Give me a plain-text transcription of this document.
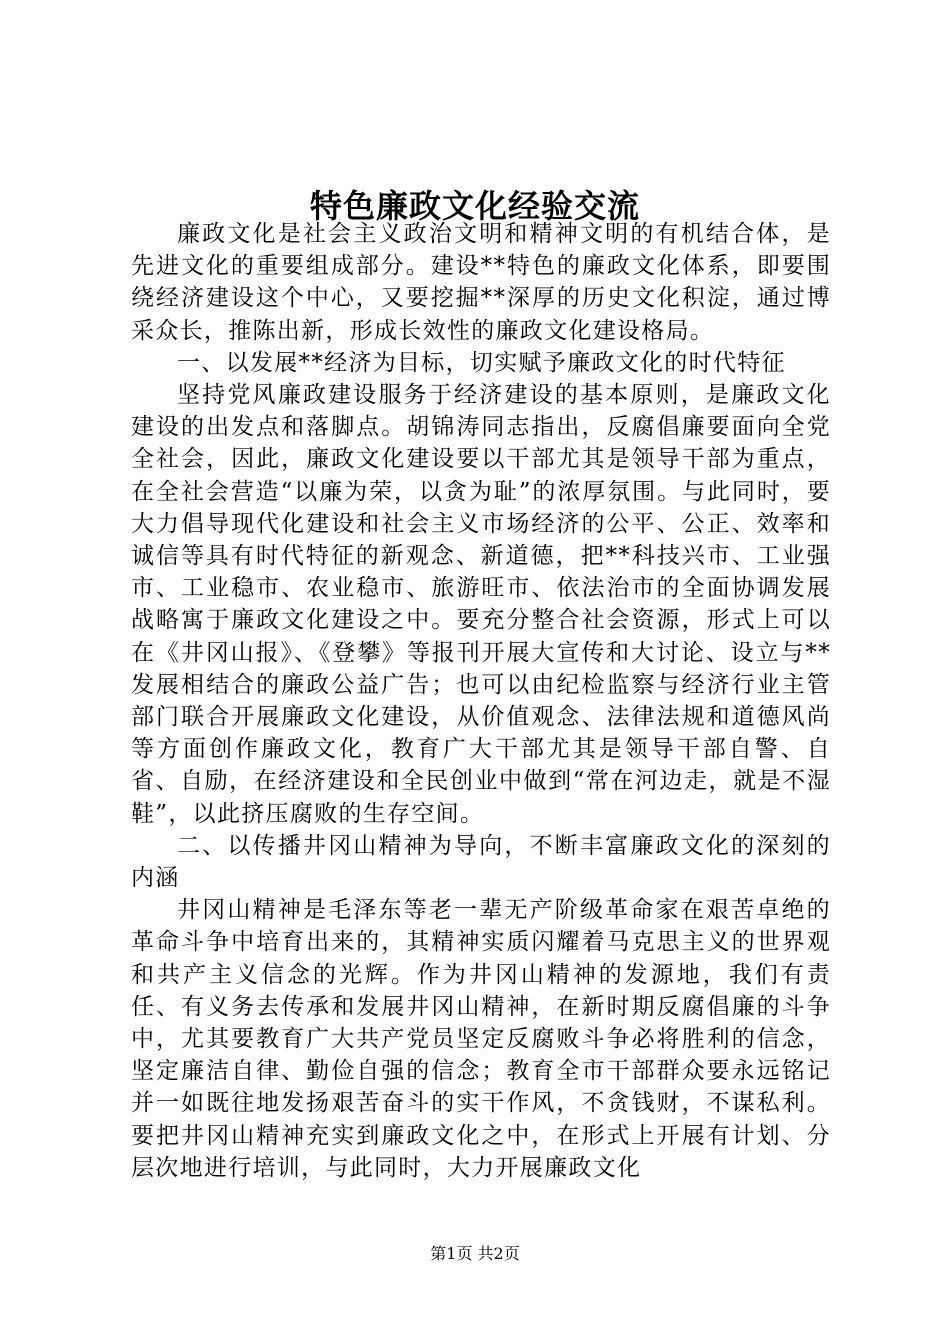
特色廉政文化经验交流

廉政文化是社会主义政治文明和精神文明的有机结合体，是先进文化的重要组成部分。建设**特色的廉政文化体系，即要围绕经济建设这个中心，又要挖掘**深厚的历史文化积淀，通过博采众长，推陈出新，形成长效性的廉政文化建设格局。

一、以发展**经济为目标，切实赋予廉政文化的时代特征

坚持党风廉政建设服务于经济建设的基本原则，是廉政文化建设的出发点和落脚点。胡锦涛同志指出，反腐倡廉要面向全党全社会，因此，廉政文化建设要以干部尤其是领导干部为重点，在全社会营造“以廉为荣，以贪为耻”的浓厚氛围。与此同时，要大力倡导现代化建设和社会主义市场经济的公平、公正、效率和诚信等具有时代特征的新观念、新道德，把**科技兴市、工业强市、工业稳市、农业稳市、旅游旺市、依法治市的全面协调发展战略寓于廉政文化建设之中。要充分整合社会资源，形式上可以在《井冈山报》、《登攀》等报刊开展大宣传和大讨论、设立与**发展相结合的廉政公益广告；也可以由纪检监察与经济行业主管部门联合开展廉政文化建设，从价值观念、法律法规和道德风尚等方面创作廉政文化，教育广大干部尤其是领导干部自警、自省、自励，在经济建设和全民创业中做到“常在河边走，就是不湿鞋”，以此挤压腐败的生存空间。

二、以传播井冈山精神为导向，不断丰富廉政文化的深刻的内涵

井冈山精神是毛泽东等老一辈无产阶级革命家在艰苦卓绝的革命斗争中培育出来的，其精神实质闪耀着马克思主义的世界观和共产主义信念的光辉。作为井冈山精神的发源地，我们有责任、有义务去传承和发展井冈山精神，在新时期反腐倡廉的斗争中，尤其要教育广大共产党员坚定反腐败斗争必将胜利的信念，坚定廉洁自律、勤俭自强的信念；教育全市干部群众要永远铭记并一如既往地发扬艰苦奋斗的实干作风，不贪钱财，不谋私利。要把井冈山精神充实到廉政文化之中，在形式上开展有计划、分层次地进行培训，与此同时，大力开展廉政文化

第1页 共2页
